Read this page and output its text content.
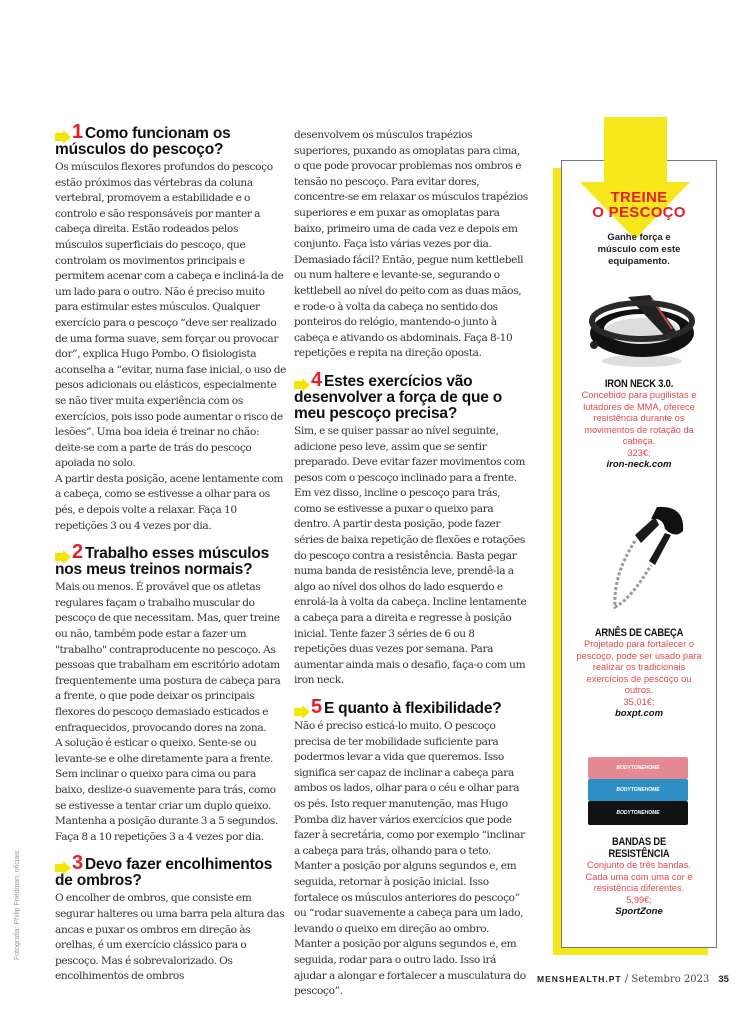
Fotografia: Philip Friedman, oficiais
1 Como funcionam os músculos do pescoço?

Os músculos flexores profundos do pescoço estão próximos das vértebras da coluna vertebral, promovem a estabilidade e o controlo e são responsáveis por manter a cabeça direita. Estão rodeados pelos músculos superficiais do pescoço, que controlam os movimentos principais e permitem acenar com a cabeça e incliná-la de um lado para o outro. Não é preciso muito para estimular estes músculos. Qualquer exercício para o pescoço “deve ser realizado de uma forma suave, sem forçar ou provocar dor”, explica Hugo Pombo. O fisiologista aconselha a “evitar, numa fase inicial, o uso de pesos adicionais ou elásticos, especialmente se não tiver muita experiência com os exercícios, pois isso pode aumentar o risco de lesões”. Uma boa ideia é treinar no chão: deite-se com a parte de trás do pescoço apoiada no solo.

A partir desta posição, acene lentamente com a cabeça, como se estivesse a olhar para os pés, e depois volte a relaxar. Faça 10 repetições 3 ou 4 vezes por dia.

2 Trabalho esses músculos nos meus treinos normais?

Mais ou menos. É provável que os atletas regulares façam o trabalho muscular do pescoço de que necessitam. Mas, quer treine ou não, também pode estar a fazer um "trabalho" contraproducente no pescoço. As pessoas que trabalham em escritório adotam frequentemente uma postura de cabeça para a frente, o que pode deixar os principais flexores do pescoço demasiado esticados e enfraquecidos, provocando dores na zona.

A solução é esticar o queixo. Sente-se ou levante-se e olhe diretamente para a frente. Sem inclinar o queixo para cima ou para baixo, deslize-o suavemente para trás, como se estivesse a tentar criar um duplo queixo. Mantenha a posição durante 3 a 5 segundos. Faça 8 a 10 repetições 3 a 4 vezes por dia.

3 Devo fazer encolhimentos de ombros?

O encolher de ombros, que consiste em segurar halteres ou uma barra pela altura das ancas e puxar os ombros em direção às orelhas, é um exercício clássico para o pescoço. Mas é sobrevalorizado. Os encolhimentos de ombros

desenvolvem os músculos trapézios superiores, puxando as omoplatas para cima, o que pode provocar problemas nos ombros e tensão no pescoço. Para evitar dores, concentre-se em relaxar os músculos trapézios superiores e em puxar as omoplatas para baixo, primeiro uma de cada vez e depois em conjunto. Faça isto várias vezes por dia. Demasiado fácil? Então, pegue num kettlebell ou num haltere e levante-se, segurando o kettlebell ao nível do peito com as duas mãos, e rode-o à volta da cabeça no sentido dos ponteiros do relógio, mantendo-o junto à cabeça e ativando os abdominais. Faça 8-10 repetições e repita na direção oposta.

4 Estes exercícios vão desenvolver a força de que o meu pescoço precisa?

Sim, e se quiser passar ao nível seguinte, adicione peso leve, assim que se sentir preparado. Deve evitar fazer movimentos com pesos com o pescoço inclinado para a frente. Em vez disso, incline o pescoço para trás, como se estivesse a puxar o queixo para dentro. A partir desta posição, pode fazer séries de baixa repetição de flexões e rotações do pescoço contra a resistência. Basta pegar numa banda de resistência leve, prendê-la a algo ao nível dos olhos do lado esquerdo e enrolá-la à volta da cabeça. Incline lentamente a cabeça para a direita e regresse à posição inicial. Tente fazer 3 séries de 6 ou 8 repetições duas vezes por semana. Para aumentar ainda mais o desafio, faça-o com um iron neck.

5 E quanto à flexibilidade?

Não é preciso esticá-lo muito. O pescoço precisa de ter mobilidade suficiente para podermos levar a vida que queremos. Isso significa ser capaz de inclinar a cabeça para ambos os lados, olhar para o céu e olhar para os pés. Isto requer manutenção, mas Hugo Pomba diz haver vários exercícios que pode fazer à secretária, como por exemplo “inclinar a cabeça para trás, olhando para o teto. Manter a posição por alguns segundos e, em seguida, retornar à posição inicial. Isso fortalece os músculos anteriores do pescoço” ou “rodar suavemente a cabeça para um lado, levando o queixo em direção ao ombro. Manter a posição por alguns segundos e, em seguida, rodar para o outro lado. Isso irá ajudar a alongar e fortalecer a musculatura do pescoço”.

TREINE
O PESCOÇO
Ganhe força e músculo com este equipamento.
IRON NECK 3.0.
Concebido para pugilistas e lutadores de MMA, oferece resistência durante os movimentos de rotação da cabeça.
323€;
iron-neck.com
ARNÊS DE CABEÇA
Projetado para fortalecer o pescoço, pode ser usado para realizar os tradicionais exercícios de pescoço ou outros.
35,01€;
boxpt.com
BODYTONEHOME
BODYTONEHOME
BODYTONEHOME
BANDAS DE RESISTÊNCIA
Conjunto de três bandas. Cada uma com uma cor e resistência diferentes.
5,99€;
SportZone
MENSHEALTH.PT / Setembro 2023 35
